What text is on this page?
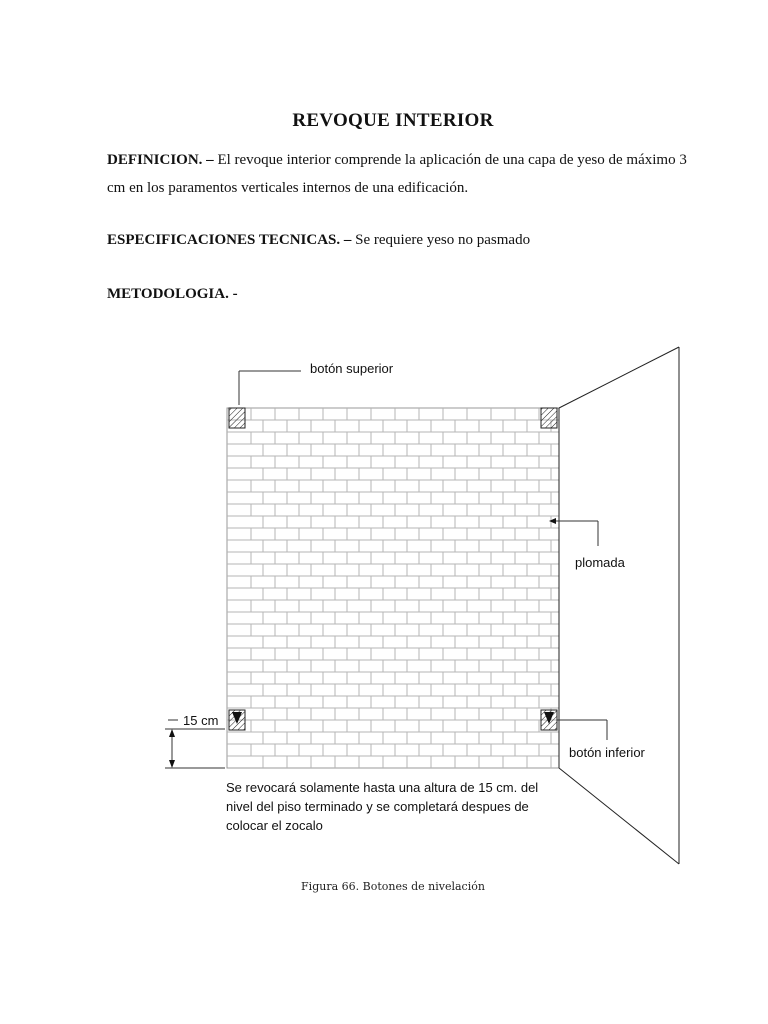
REVOQUE INTERIOR
DEFINICION. – El revoque interior comprende la aplicación de una capa de yeso de máximo 3 cm en los paramentos verticales internos de una edificación.
ESPECIFICACIONES TECNICAS. – Se requiere yeso no pasmado
METODOLOGIA. -
botón superior
plomada
botón inferior
15 cm
Se revocará solamente hasta una altura de 15 cm. del
nivel del piso terminado y se completará despues de
colocar el zocalo
Figura 66. Botones de nivelación
